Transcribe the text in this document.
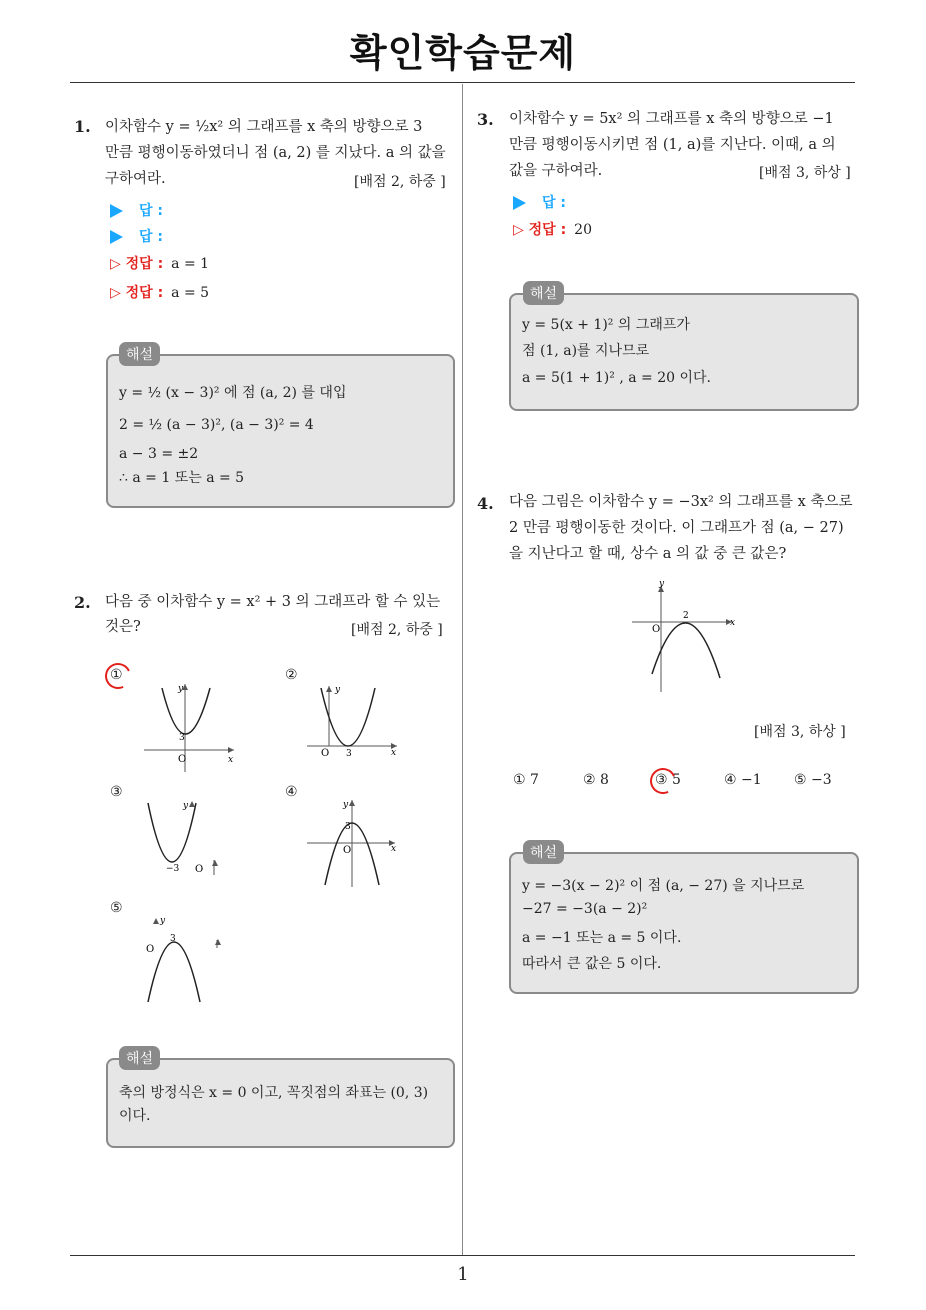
확인학습문제
1
1. 이차함수 y = ½x² 의 그래프를 x 축의 방향으로 3
만큼 평행이동하였더니 점 (a, 2) 를 지났다. a 의 값을
구하여라.	[배점 2, 하중 ]
답 :
답 :
▷ 정답 : a = 1
▷ 정답 : a = 5
해설
y = ½ (x − 3)² 에 점 (a, 2) 를 대입
2 = ½ (a − 3)², (a − 3)² = 4
a − 3 = ±2
∴ a = 1 또는 a = 5
2. 다음 중 이차함수 y = x² + 3 의 그래프라 할 수 있는
것은?	[배점 2, 하중 ]
①
y
x
O
3
②
y
x
O 3
③
y
−3 O
④
y
x
O
3
⑤
y
O
3
해설
축의 방정식은 x = 0 이고, 꼭짓점의 좌표는 (0, 3)
이다.
3. 이차함수 y = 5x² 의 그래프를 x 축의 방향으로 −1
만큼 평행이동시키면 점 (1, a)를 지난다. 이때, a 의
값을 구하여라.	[배점 3, 하상 ]
답 :
▷ 정답 : 20
해설
y = 5(x + 1)² 의 그래프가
점 (1, a)를 지나므로
a = 5(1 + 1)² , a = 20 이다.
4. 다음 그림은 이차함수 y = −3x² 의 그래프를 x 축으로
2 만큼 평행이동한 것이다. 이 그래프가 점 (a, − 27)
을 지난다고 할 때, 상수 a 의 값 중 큰 값은?
y
x
O
2
[배점 3, 하상 ]
① 7	② 8	③ 5	④ −1 ⑤ −3
해설
y = −3(x − 2)² 이 점 (a, − 27) 을 지나므로
−27 = −3(a − 2)²
a = −1 또는 a = 5 이다.
따라서 큰 값은 5 이다.
